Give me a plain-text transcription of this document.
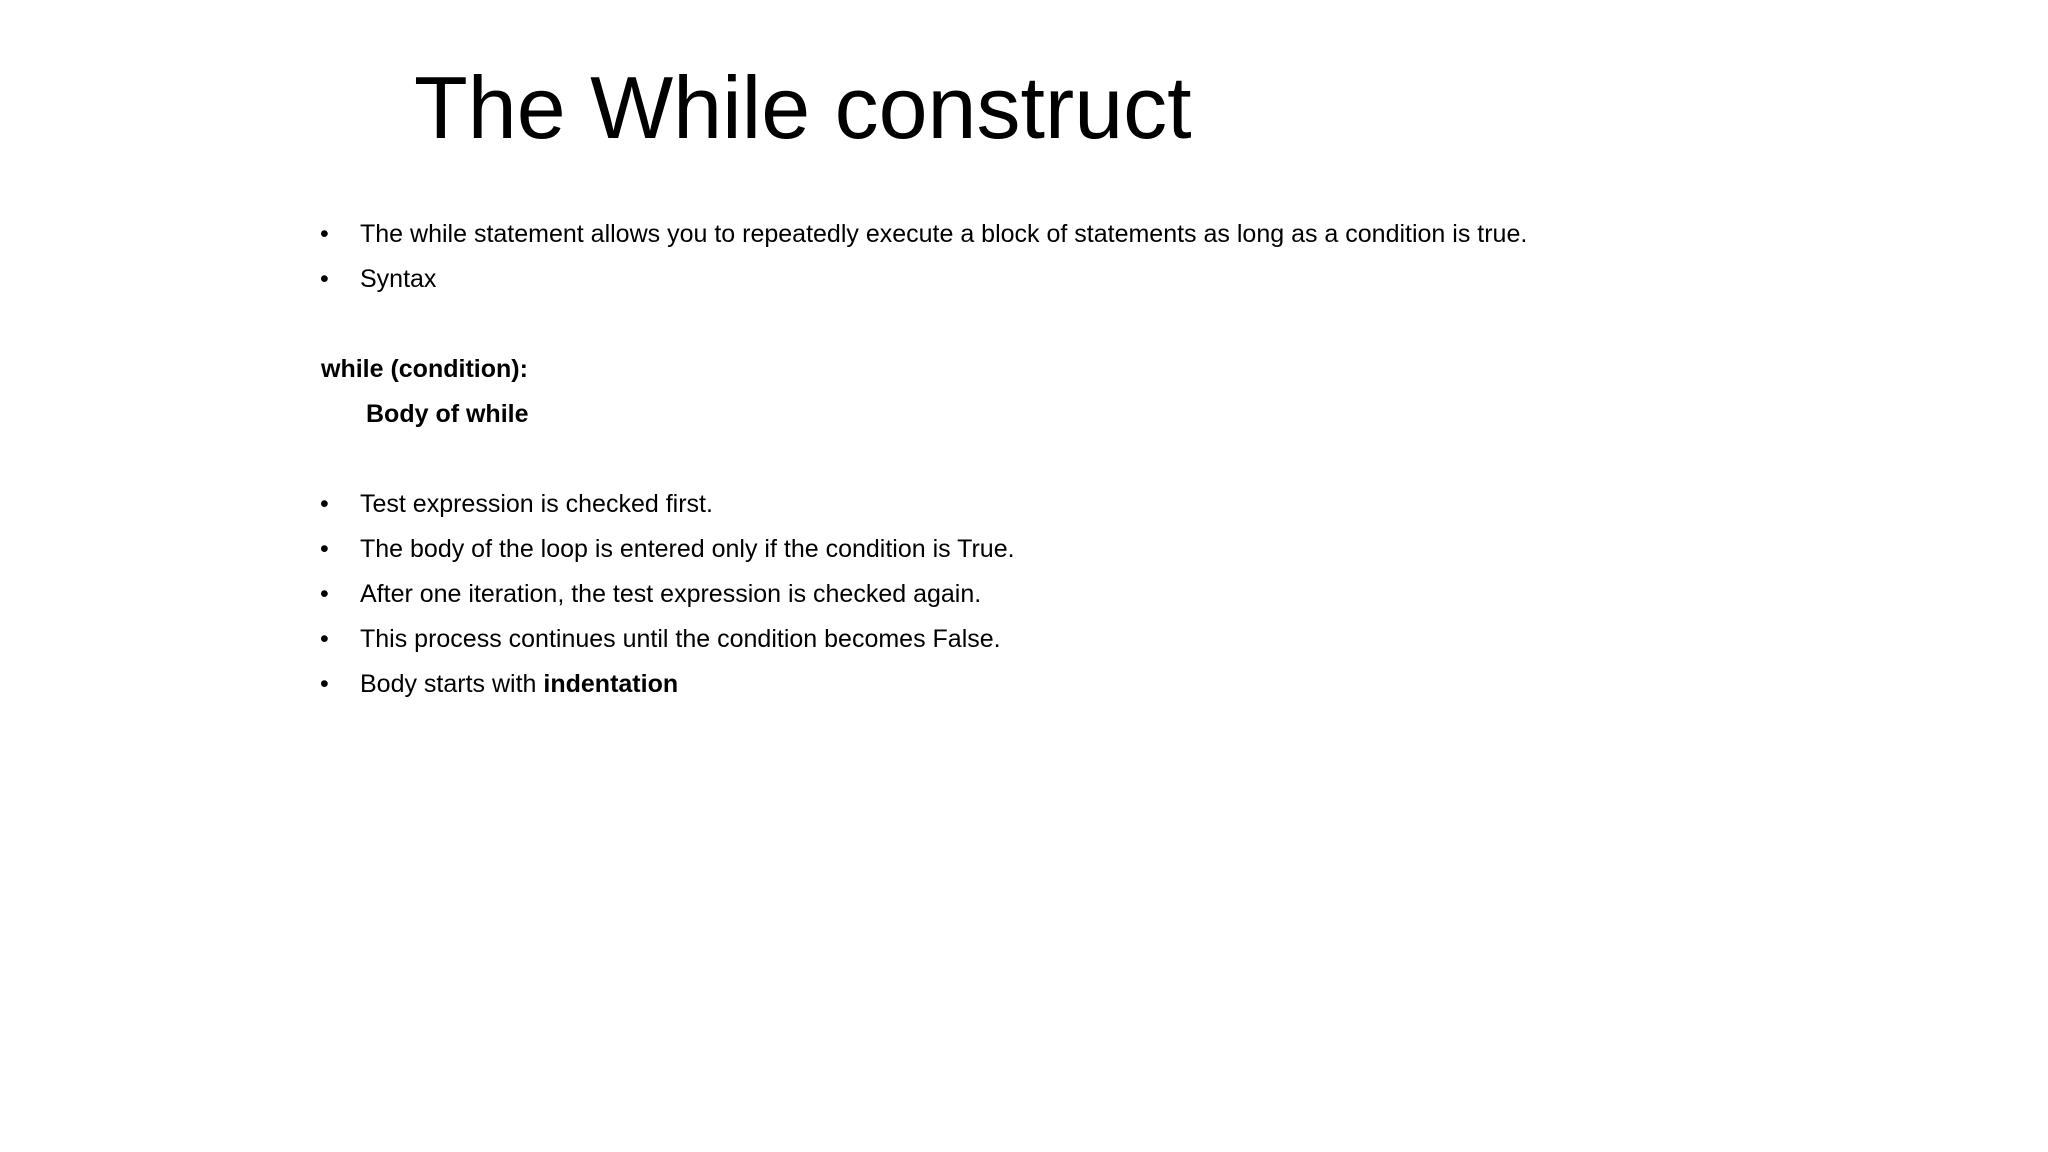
The While construct
• The while statement allows you to repeatedly execute a block of statements as long as a condition is true.
• Syntax
while (condition):
Body of while
• Test expression is checked first.
• The body of the loop is entered only if the condition is True.
• After one iteration, the test expression is checked again.
• This process continues until the condition becomes False.
• Body starts with indentation
